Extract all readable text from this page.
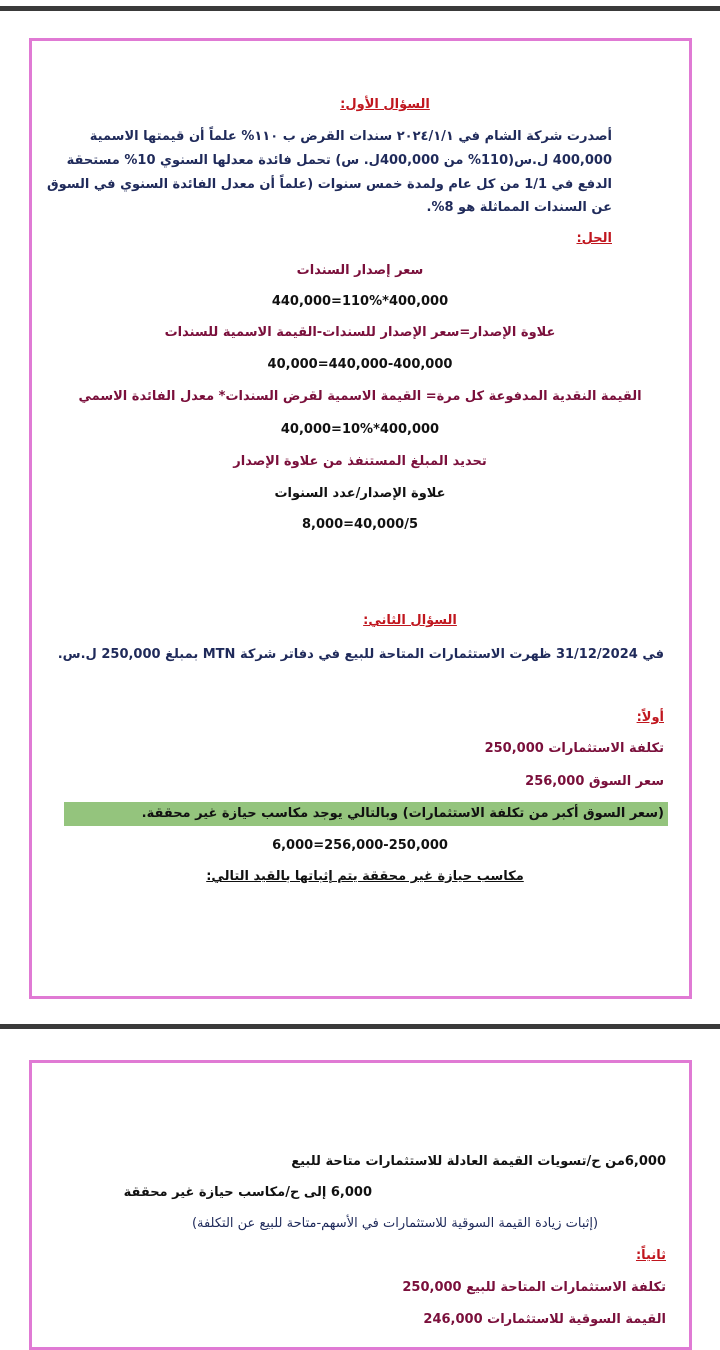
السؤال الأول:
أصدرت شركة الشام في ٢٠٢٤/١/١ سندات القرض ب ١١٠% علماً أن قيمتها الاسمية
400,000 ل.س(110% من 400,000ل. س) تحمل فائدة معدلها السنوي 10% مستحقة
الدفع في 1/1 من كل عام ولمدة خمس سنوات (علماً أن معدل الفائدة السنوي في السوق
عن السندات المماثلة هو 8%.
الحل:
سعر إصدار السندات
400,000*110%=440,000
علاوة الإصدار=سعر الإصدار للسندات-القيمة الاسمية للسندات
440,000-400,000=40,000
القيمة النقدية المدفوعة كل مرة= القيمة الاسمية لقرض السندات* معدل الفائدة الاسمي
400,000*10%=40,000
تحديد المبلغ المستنفذ من علاوة الإصدار
علاوة الإصدار/عدد السنوات
40,000/5=8,000
السؤال الثاني:
في 31/12/2024 ظهرت الاستثمارات المتاحة للبيع في دفاتر شركة MTN بمبلغ 250,000 ل.س.
أولاً:
تكلفة الاستثمارات 250,000
سعر السوق 256,000
(سعر السوق أكبر من تكلفة الاستثمارات) وبالتالي يوجد مكاسب حيازة غير محققة.
256,000-250,000=6,000
مكاسب حيازة غير محققة يتم إثباتها بالقيد التالي:
6,000من ح/تسويات القيمة العادلة للاستثمارات متاحة للبيع
6,000 إلى ح/مكاسب حيازة غير محققة
(إثبات زيادة القيمة السوقية للاستثمارات في الأسهم-متاحة للبيع عن التكلفة)
ثانياً:
تكلفة الاستثمارات المتاحة للبيع 250,000
القيمة السوقية للاستثمارات 246,000
